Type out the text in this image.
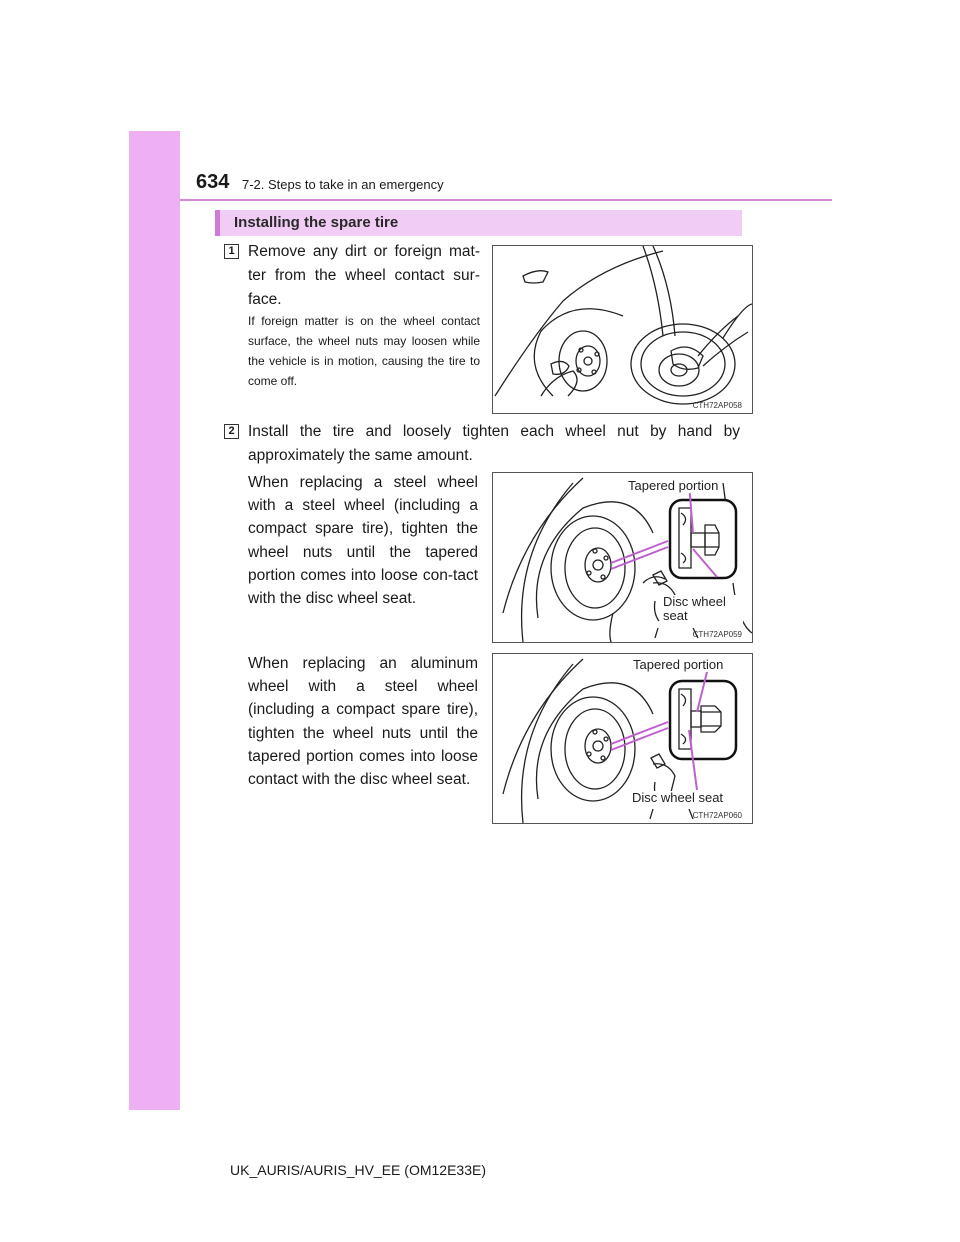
634 7-2. Steps to take in an emergency
Installing the spare tire
1 Remove any dirt or foreign mat-ter from the wheel contact sur-face.
If foreign matter is on the wheel contact surface, the wheel nuts may loosen while the vehicle is in motion, causing the tire to come off.
CTH72AP058
2 Install the tire and loosely tighten each wheel nut by hand by approximately the same amount.
When replacing a steel wheel with a steel wheel (including a compact spare tire), tighten the wheel nuts until the tapered portion comes into loose con-tact with the disc wheel seat.
Tapered portion
Disc wheel seat
CTH72AP059
When replacing an aluminum wheel with a steel wheel (including a compact spare tire), tighten the wheel nuts until the tapered portion comes into loose contact with the disc wheel seat.
Tapered portion
Disc wheel seat
CTH72AP060
UK_AURIS/AURIS_HV_EE (OM12E33E)
